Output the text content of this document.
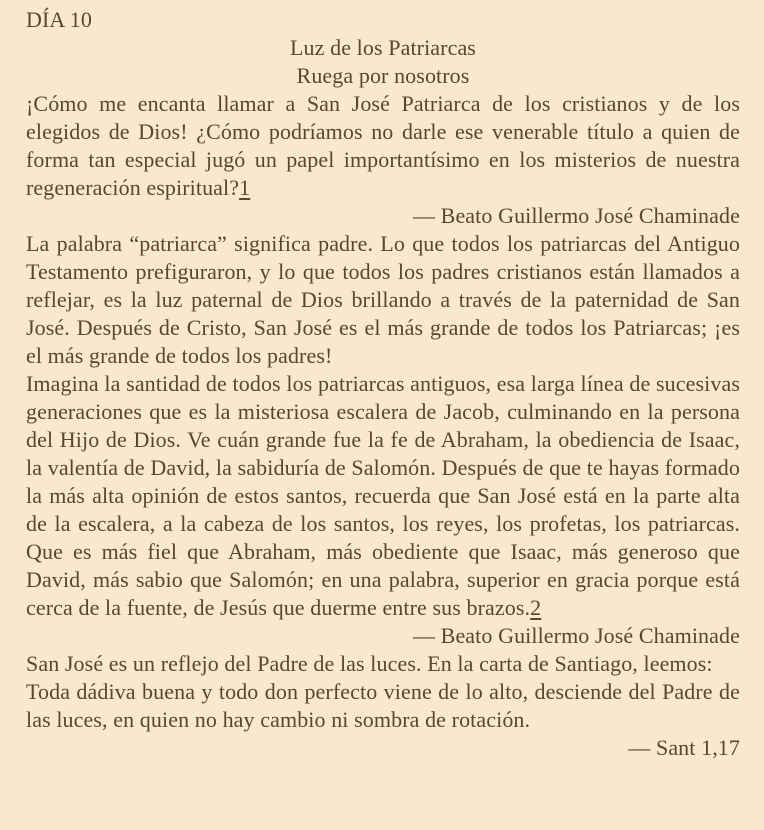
DÍA 10
Luz de los Patriarcas
Ruega por nosotros

¡Cómo me encanta llamar a San José Patriarca de los cristianos y de los elegidos de Dios! ¿Cómo podríamos no darle ese venerable título a quien de forma tan especial jugó un papel importantísimo en los misterios de nuestra regeneración espiritual?1

— Beato Guillermo José Chaminade

La palabra “patriarca” significa padre. Lo que todos los patriarcas del Antiguo Testamento prefiguraron, y lo que todos los padres cristianos están llamados a reflejar, es la luz paternal de Dios brillando a través de la paternidad de San José. Después de Cristo, San José es el más grande de todos los Patriarcas; ¡es el más grande de todos los padres!

Imagina la santidad de todos los patriarcas antiguos, esa larga línea de sucesivas generaciones que es la misteriosa escalera de Jacob, culminando en la persona del Hijo de Dios. Ve cuán grande fue la fe de Abraham, la obediencia de Isaac, la valentía de David, la sabiduría de Salomón. Después de que te hayas formado la más alta opinión de estos santos, recuerda que San José está en la parte alta de la escalera, a la cabeza de los santos, los reyes, los profetas, los patriarcas. Que es más fiel que Abraham, más obediente que Isaac, más generoso que David, más sabio que Salomón; en una palabra, superior en gracia porque está cerca de la fuente, de Jesús que duerme entre sus brazos.2

— Beato Guillermo José Chaminade

San José es un reflejo del Padre de las luces. En la carta de Santiago, leemos:

Toda dádiva buena y todo don perfecto viene de lo alto, desciende del Padre de las luces, en quien no hay cambio ni sombra de rotación.

— Sant 1,17
